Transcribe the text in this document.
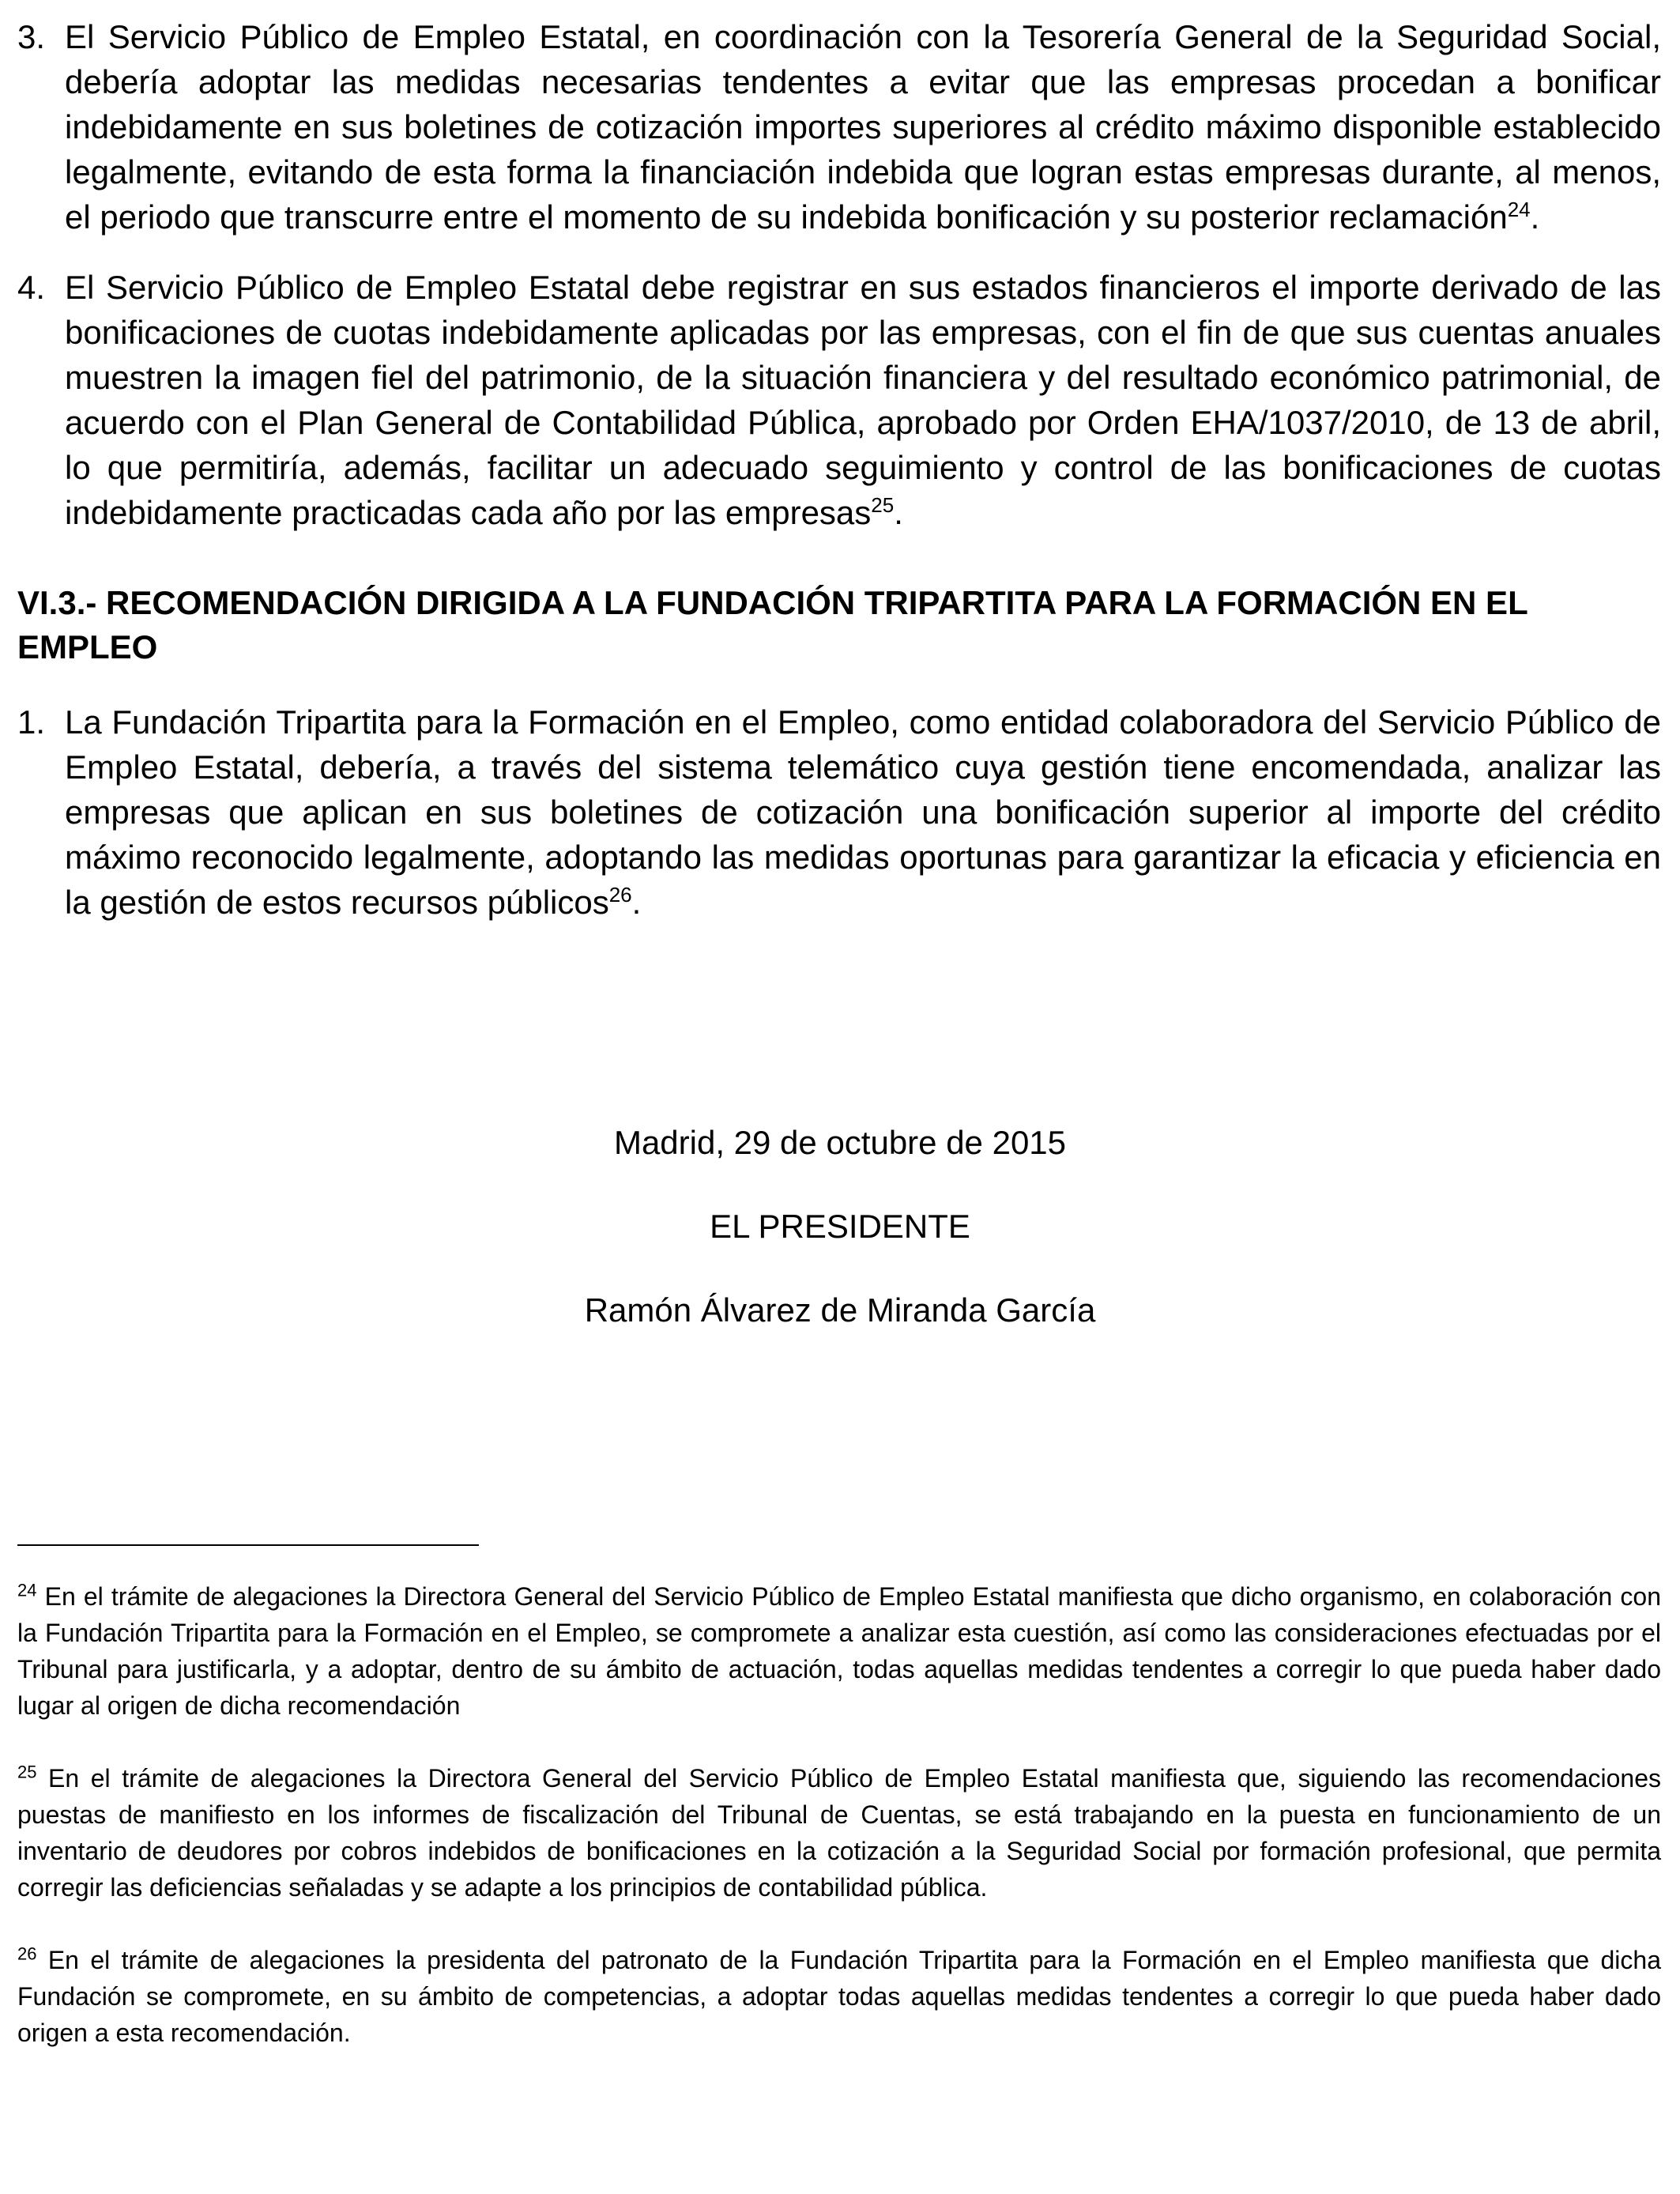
3. El Servicio Público de Empleo Estatal, en coordinación con la Tesorería General de la Seguridad Social, debería adoptar las medidas necesarias tendentes a evitar que las empresas procedan a bonificar indebidamente en sus boletines de cotización importes superiores al crédito máximo disponible establecido legalmente, evitando de esta forma la financiación indebida que logran estas empresas durante, al menos, el periodo que transcurre entre el momento de su indebida bonificación y su posterior reclamación$^{24}$.
4. El Servicio Público de Empleo Estatal debe registrar en sus estados financieros el importe derivado de las bonificaciones de cuotas indebidamente aplicadas por las empresas, con el fin de que sus cuentas anuales muestren la imagen fiel del patrimonio, de la situación financiera y del resultado económico patrimonial, de acuerdo con el Plan General de Contabilidad Pública, aprobado por Orden EHA/1037/2010, de 13 de abril, lo que permitiría, además, facilitar un adecuado seguimiento y control de las bonificaciones de cuotas indebidamente practicadas cada año por las empresas$^{25}$.
VI.3.- RECOMENDACIÓN DIRIGIDA A LA FUNDACIÓN TRIPARTITA PARA LA FORMACIÓN EN EL EMPLEO
1. La Fundación Tripartita para la Formación en el Empleo, como entidad colaboradora del Servicio Público de Empleo Estatal, debería, a través del sistema telemático cuya gestión tiene encomendada, analizar las empresas que aplican en sus boletines de cotización una bonificación superior al importe del crédito máximo reconocido legalmente, adoptando las medidas oportunas para garantizar la eficacia y eficiencia en la gestión de estos recursos públicos$^{26}$.
Madrid, 29 de octubre de 2015
EL PRESIDENTE
Ramón Álvarez de Miranda García

$^{24}$ En el trámite de alegaciones la Directora General del Servicio Público de Empleo Estatal manifiesta que dicho organismo, en colaboración con la Fundación Tripartita para la Formación en el Empleo, se compromete a analizar esta cuestión, así como las consideraciones efectuadas por el Tribunal para justificarla, y a adoptar, dentro de su ámbito de actuación, todas aquellas medidas tendentes a corregir lo que pueda haber dado lugar al origen de dicha recomendación

$^{25}$ En el trámite de alegaciones la Directora General del Servicio Público de Empleo Estatal manifiesta que, siguiendo las recomendaciones puestas de manifiesto en los informes de fiscalización del Tribunal de Cuentas, se está trabajando en la puesta en funcionamiento de un inventario de deudores por cobros indebidos de bonificaciones en la cotización a la Seguridad Social por formación profesional, que permita corregir las deficiencias señaladas y se adapte a los principios de contabilidad pública.

$^{26}$ En el trámite de alegaciones la presidenta del patronato de la Fundación Tripartita para la Formación en el Empleo manifiesta que dicha Fundación se compromete, en su ámbito de competencias, a adoptar todas aquellas medidas tendentes a corregir lo que pueda haber dado origen a esta recomendación.
